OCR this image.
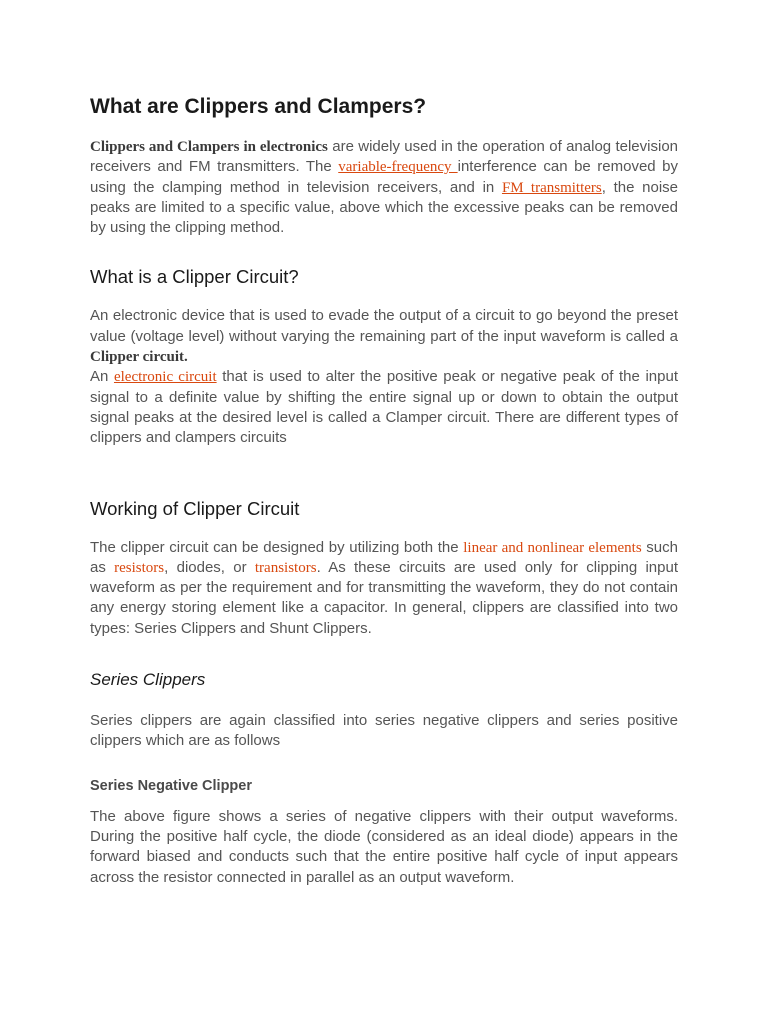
What are Clippers and Clampers?

Clippers and Clampers in electronics are widely used in the operation of analog television receivers and FM transmitters. The variable-frequency interference can be removed by using the clamping method in television receivers, and in FM transmitters, the noise peaks are limited to a specific value, above which the excessive peaks can be removed by using the clipping method.

What is a Clipper Circuit?

An electronic device that is used to evade the output of a circuit to go beyond the preset value (voltage level) without varying the remaining part of the input waveform is called a Clipper circuit.

An electronic circuit that is used to alter the positive peak or negative peak of the input signal to a definite value by shifting the entire signal up or down to obtain the output signal peaks at the desired level is called a Clamper circuit. There are different types of clippers and clampers circuits

Working of Clipper Circuit

The clipper circuit can be designed by utilizing both the linear and nonlinear elements such as resistors, diodes, or transistors. As these circuits are used only for clipping input waveform as per the requirement and for transmitting the waveform, they do not contain any energy storing element like a capacitor. In general, clippers are classified into two types: Series Clippers and Shunt Clippers.

Series Clippers

Series clippers are again classified into series negative clippers and series positive clippers which are as follows

Series Negative Clipper

The above figure shows a series of negative clippers with their output waveforms. During the positive half cycle, the diode (considered as an ideal diode) appears in the forward biased and conducts such that the entire positive half cycle of input appears across the resistor connected in parallel as an output waveform.
